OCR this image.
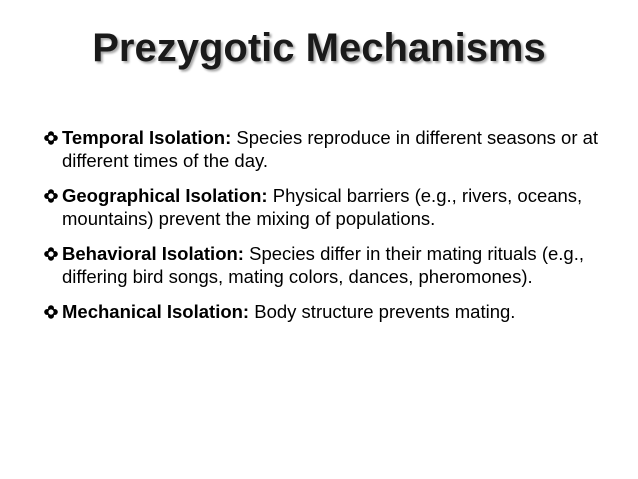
Prezygotic Mechanisms
Temporal Isolation: Species reproduce in different seasons or at different times of the day.
Geographical Isolation: Physical barriers (e.g., rivers, oceans, mountains) prevent the mixing of populations.
Behavioral Isolation: Species differ in their mating rituals (e.g., differing bird songs, mating colors, dances, pheromones).
Mechanical Isolation: Body structure prevents mating.
